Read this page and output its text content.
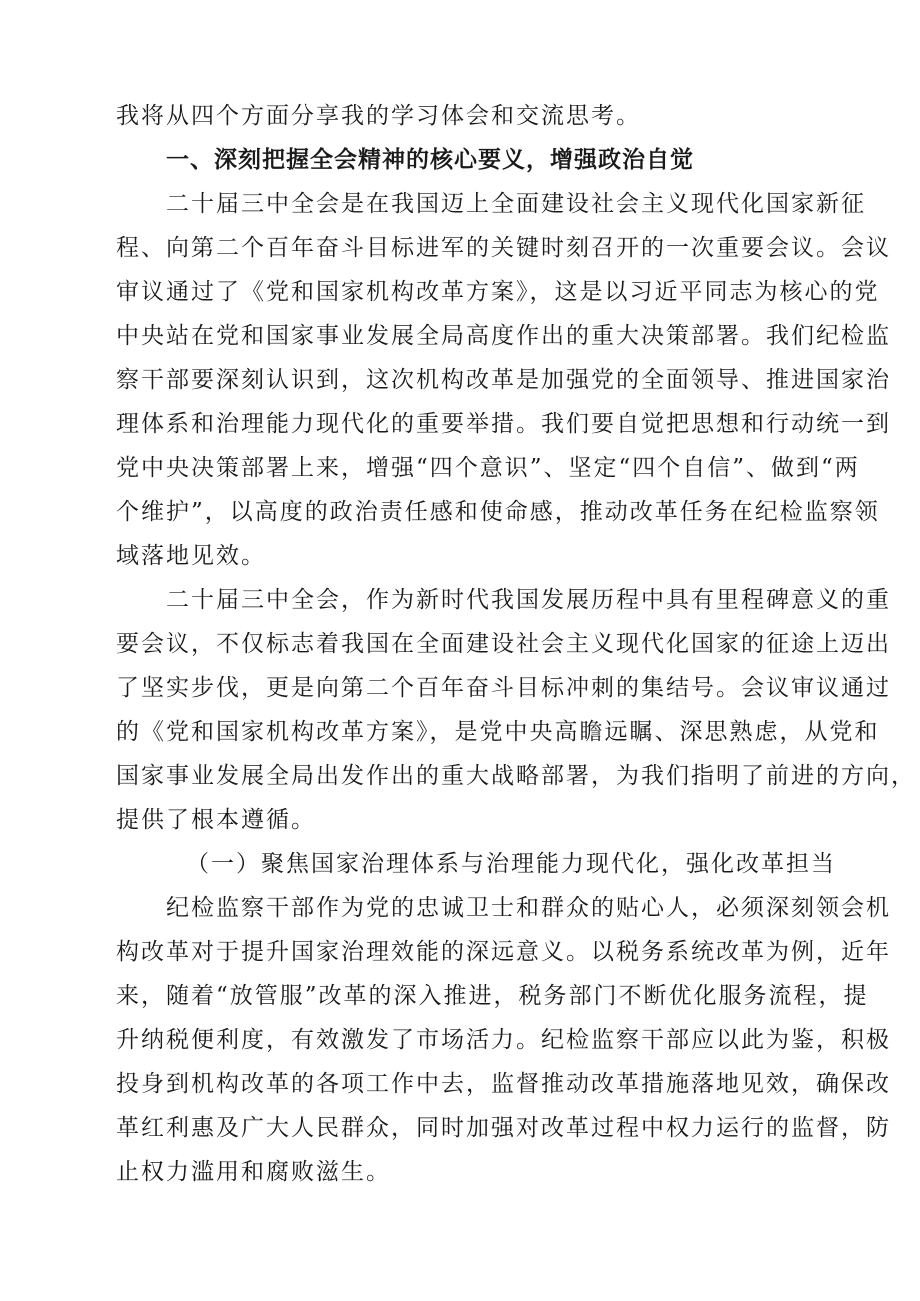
我将从四个方面分享我的学习体会和交流思考。
一、深刻把握全会精神的核心要义，增强政治自觉
二十届三中全会是在我国迈上全面建设社会主义现代化国家新征
程、向第二个百年奋斗目标进军的关键时刻召开的一次重要会议。会议
审议通过了《党和国家机构改革方案》，这是以习近平同志为核心的党
中央站在党和国家事业发展全局高度作出的重大决策部署。我们纪检监
察干部要深刻认识到，这次机构改革是加强党的全面领导、推进国家治
理体系和治理能力现代化的重要举措。我们要自觉把思想和行动统一到
党中央决策部署上来，增强“四个意识”、坚定“四个自信”、做到“两
个维护”，以高度的政治责任感和使命感，推动改革任务在纪检监察领
域落地见效。
二十届三中全会，作为新时代我国发展历程中具有里程碑意义的重
要会议，不仅标志着我国在全面建设社会主义现代化国家的征途上迈出
了坚实步伐，更是向第二个百年奋斗目标冲刺的集结号。会议审议通过
的《党和国家机构改革方案》，是党中央高瞻远瞩、深思熟虑，从党和
国家事业发展全局出发作出的重大战略部署，为我们指明了前进的方向，
提供了根本遵循。
（一）聚焦国家治理体系与治理能力现代化，强化改革担当
纪检监察干部作为党的忠诚卫士和群众的贴心人，必须深刻领会机
构改革对于提升国家治理效能的深远意义。以税务系统改革为例，近年
来，随着“放管服”改革的深入推进，税务部门不断优化服务流程，提
升纳税便利度，有效激发了市场活力。纪检监察干部应以此为鉴，积极
投身到机构改革的各项工作中去，监督推动改革措施落地见效，确保改
革红利惠及广大人民群众，同时加强对改革过程中权力运行的监督，防
止权力滥用和腐败滋生。
